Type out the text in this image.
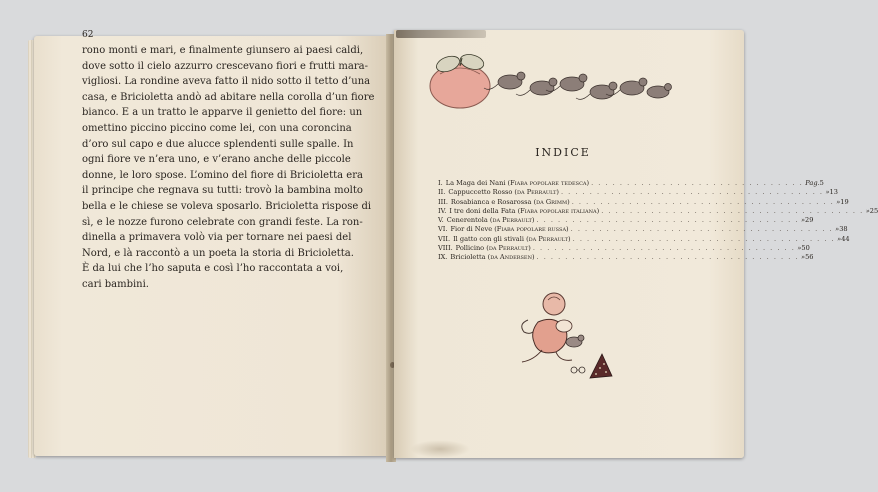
62
rono monti e mari, e finalmente giunsero ai paesi caldi,
dove sotto il cielo azzurro crescevano fiori e frutti mara-
vigliosi. La rondine aveva fatto il nido sotto il tetto d’una
casa, e Bricioletta andò ad abitare nella corolla d’un fiore
bianco. E a un tratto le apparve il genietto del fiore: un
omettino piccino piccino come lei, con una coroncina
d’oro sul capo e due alucce splendenti sulle spalle. In
ogni fiore ve n’era uno, e v’erano anche delle piccole
donne, le loro spose. L’omino del fiore di Bricioletta era
il principe che regnava su tutti: trovò la bambina molto
bella e le chiese se voleva sposarlo. Bricioletta rispose di
sì, e le nozze furono celebrate con grandi feste. La ron-
dinella a primavera volò via per tornare nei paesi del
Nord, e là raccontò a un poeta la storia di Bricioletta.
È da lui che l’ho saputa e così l’ho raccontata a voi,
cari bambini.
INDICE
I. La Maga dei Nani
(Fiaba popolare tedesca) . . . . . . . . . . . . . . . . . . . . . . . . . . . . . . Pag. 5
II. Cappuccetto Rosso
(da Perrault) . . . . . . . . . . . . . . . . . . . . . . . . . . . . . . . . . . . . . » 13
III. Rosabianca e Rosarossa
(da Grimm) . . . . . . . . . . . . . . . . . . . . . . . . . . . . . . . . . . . . . » 19
IV. I tre doni della Fata
(Fiaba popolare italiana) . . . . . . . . . . . . . . . . . . . . . . . . . . . . . . . . . . . . . » 25
V. Cenerentola
(da Perrault) . . . . . . . . . . . . . . . . . . . . . . . . . . . . . . . . . . . . . » 29
VI. Fior di Neve
(Fiaba popolare russa) . . . . . . . . . . . . . . . . . . . . . . . . . . . . . . . . . . . . . » 38
VII. Il gatto con gli stivali
(da Perrault) . . . . . . . . . . . . . . . . . . . . . . . . . . . . . . . . . . . . . » 44
VIII. Pollicino
(da Perrault) . . . . . . . . . . . . . . . . . . . . . . . . . . . . . . . . . . . . . » 50
IX. Bricioletta
(da Andersen) . . . . . . . . . . . . . . . . . . . . . . . . . . . . . . . . . . . . . » 56
